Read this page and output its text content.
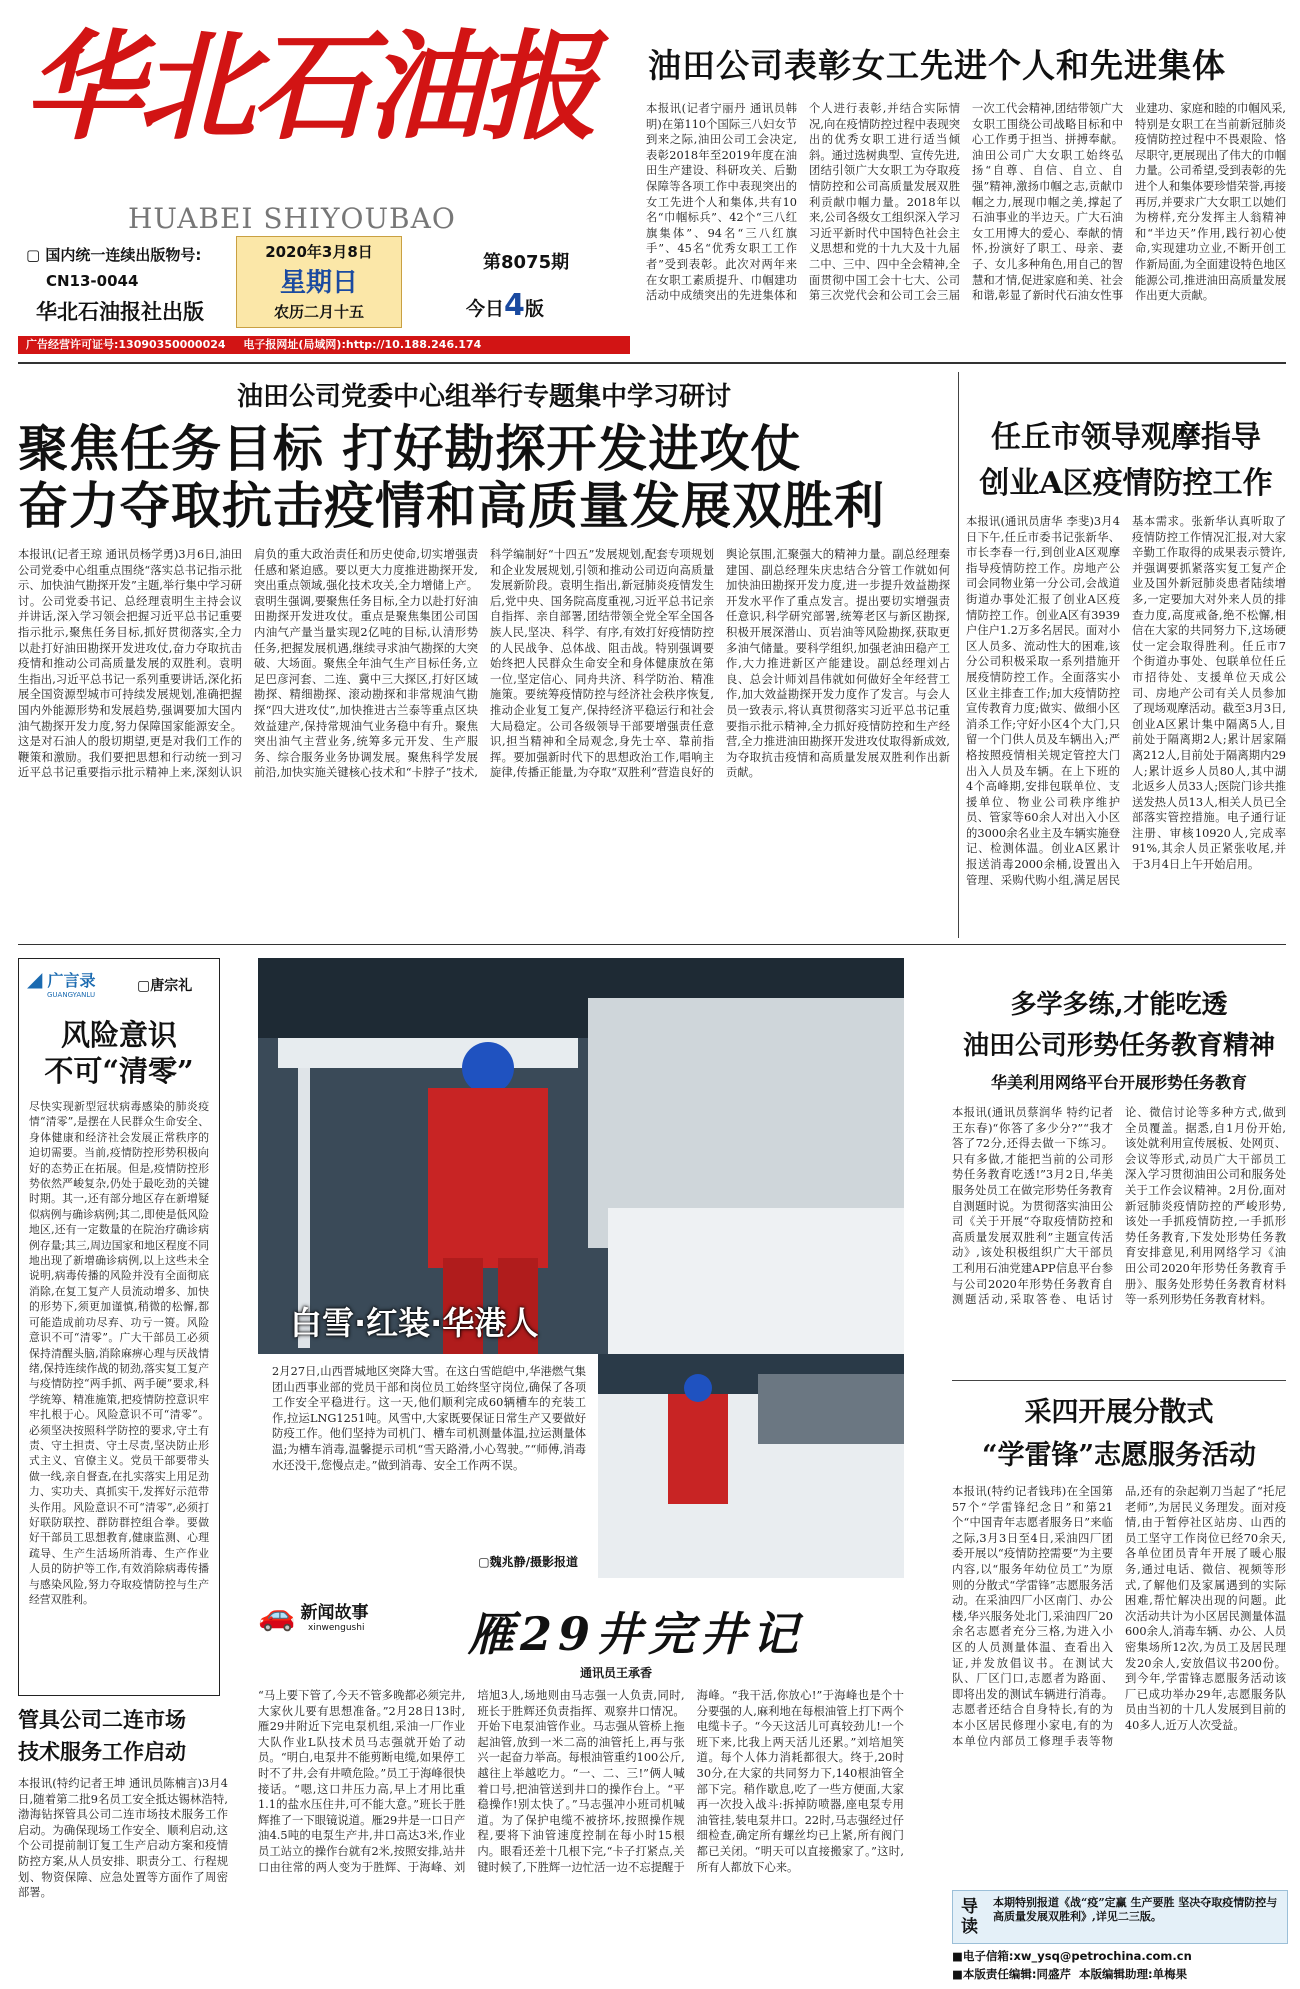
华北石油报
HUABEI SHIYOUBAO
▢ 国内统一连续出版物号:
CN13-0044
华北石油报社出版
2020年3月8日
星期日
农历二月十五
第8075期
今日4版
广告经营许可证号:13090350000024 电子报网址(局域网):http://10.188.246.174
油田公司表彰女工先进个人和先进集体
本报讯(记者宁丽丹 通讯员韩明)在第110个国际三八妇女节到来之际,油田公司工会决定,表彰2018年至2019年度在油田生产建设、科研攻关、后勤保障等各项工作中表现突出的女工先进个人和集体,共有10名“巾帼标兵”、42个“三八红旗集体”、94名“三八红旗手”、45名“优秀女职工工作者”受到表彰。此次对两年来在女职工素质提升、巾帼建功活动中成绩突出的先进集体和个人进行表彰,并结合实际情况,向在疫情防控过程中表现突出的优秀女职工进行适当倾斜。通过选树典型、宣传先进,团结引领广大女职工为夺取疫情防控和公司高质量发展双胜利贡献巾帼力量。2018年以来,公司各级女工组织深入学习习近平新时代中国特色社会主义思想和党的十九大及十九届二中、三中、四中全会精神,全面贯彻中国工会十七大、公司第三次党代会和公司工会三届一次工代会精神,团结带领广大女职工围绕公司战略目标和中心工作勇于担当、拼搏奉献。油田公司广大女职工始终弘扬“自尊、自信、自立、自强”精神,激扬巾帼之志,贡献巾帼之力,展现巾帼之美,撑起了石油事业的半边天。广大石油女工用博大的爱心、奉献的情怀,扮演好了职工、母亲、妻子、女儿多种角色,用自己的智慧和才情,促进家庭和美、社会和谐,彰显了新时代石油女性事业建功、家庭和睦的巾帼风采,特别是女职工在当前新冠肺炎疫情防控过程中不畏艰险、恪尽职守,更展现出了伟大的巾帼力量。公司希望,受到表彰的先进个人和集体要珍惜荣誉,再接再厉,并要求广大女职工以她们为榜样,充分发挥主人翁精神和“半边天”作用,践行初心使命,实现建功立业,不断开创工作新局面,为全面建设特色地区能源公司,推进油田高质量发展作出更大贡献。
油田公司党委中心组举行专题集中学习研讨
聚焦任务目标 打好勘探开发进攻仗
奋力夺取抗击疫情和高质量发展双胜利
本报讯(记者王琼 通讯员杨学勇)3月6日,油田公司党委中心组重点围绕“落实总书记指示批示、加快油气勘探开发”主题,举行集中学习研讨。公司党委书记、总经理袁明生主持会议并讲话,深入学习领会把握习近平总书记重要指示批示,聚焦任务目标,抓好贯彻落实,全力以赴打好油田勘探开发进攻仗,奋力夺取抗击疫情和推动公司高质量发展的双胜利。袁明生指出,习近平总书记一系列重要讲话,深化拓展全国资源型城市可持续发展规划,准确把握国内外能源形势和发展趋势,强调要加大国内油气勘探开发力度,努力保障国家能源安全。这是对石油人的殷切期望,更是对我们工作的鞭策和激励。我们要把思想和行动统一到习近平总书记重要指示批示精神上来,深刻认识肩负的重大政治责任和历史使命,切实增强责任感和紧迫感。要以更大力度推进勘探开发,突出重点领域,强化技术攻关,全力增储上产。袁明生强调,要聚焦任务目标,全力以赴打好油田勘探开发进攻仗。重点是聚焦集团公司国内油气产量当量实现2亿吨的目标,认清形势任务,把握发展机遇,继续寻求油气勘探的大突破、大场面。聚焦全年油气生产目标任务,立足巴彦河套、二连、冀中三大探区,打好区域勘探、精细勘探、滚动勘探和非常规油气勘探“四大进攻仗”,加快推进古兰泰等重点区块效益建产,保持常规油气业务稳中有升。聚焦突出油气主营业务,统筹多元开发、生产服务、综合服务业务协调发展。聚焦科学发展前沿,加快实施关键核心技术和“卡脖子”技术,科学编制好“十四五”发展规划,配套专项规划和企业发展规划,引领和推动公司迈向高质量发展新阶段。袁明生指出,新冠肺炎疫情发生后,党中央、国务院高度重视,习近平总书记亲自指挥、亲自部署,团结带领全党全军全国各族人民,坚决、科学、有序,有效打好疫情防控的人民战争、总体战、阻击战。特别强调要始终把人民群众生命安全和身体健康放在第一位,坚定信心、同舟共济、科学防治、精准施策。要统筹疫情防控与经济社会秩序恢复,推动企业复工复产,保持经济平稳运行和社会大局稳定。公司各级领导干部要增强责任意识,担当精神和全局观念,身先士卒、靠前指挥。要加强新时代下的思想政治工作,唱响主旋律,传播正能量,为夺取“双胜利”营造良好的舆论氛围,汇聚强大的精神力量。副总经理秦建国、副总经理朱庆忠结合分管工作就如何加快油田勘探开发力度,进一步提升效益勘探开发水平作了重点发言。提出要切实增强责任意识,科学研究部署,统筹老区与新区勘探,积极开展深潜山、页岩油等风险勘探,获取更多油气储量。要科学组织,加强老油田稳产工作,大力推进新区产能建设。副总经理刘占良、总会计师刘昌伟就如何做好全年经营工作,加大效益勘探开发力度作了发言。与会人员一致表示,将认真贯彻落实习近平总书记重要指示批示精神,全力抓好疫情防控和生产经营,全力推进油田勘探开发进攻仗取得新成效,为夺取抗击疫情和高质量发展双胜利作出新贡献。
任丘市领导观摩指导
创业A区疫情防控工作
本报讯(通讯员唐华 李斐)3月4日下午,任丘市委书记张新华、市长李春一行,到创业A区观摩指导疫情防控工作。房地产公司会同物业第一分公司,会战道街道办事处汇报了创业A区疫情防控工作。创业A区有3939户住户1.2万多名居民。面对小区人员多、流动性大的困难,该分公司积极采取一系列措施开展疫情防控工作。全面落实小区业主排查工作;加大疫情防控宣传教育力度;做实、做细小区消杀工作;守好小区4个大门,只留一个门供人员及车辆出入;严格按照疫情相关规定管控大门出入人员及车辆。在上下班的4个高峰期,安排包联单位、支援单位、物业公司秩序维护员、管家等60余人对出入小区的3000余名业主及车辆实施登记、检测体温。创业A区累计报送消毒2000余桶,设置出入管理、采购代购小组,满足居民基本需求。张新华认真听取了疫情防控工作情况汇报,对大家辛勤工作取得的成果表示赞许,并强调要抓紧落实复工复产企业及国外新冠肺炎患者陆续增多,一定要加大对外来人员的排查力度,高度戒备,绝不松懈,相信在大家的共同努力下,这场硬仗一定会取得胜利。任丘市7个街道办事处、包联单位任丘市招待处、支援单位天成公司、房地产公司有关人员参加了现场观摩活动。截至3月3日,创业A区累计集中隔离5人,目前处于隔离期2人;累计居家隔离212人,目前处于隔离期内29人;累计返乡人员80人,其中湖北返乡人员33人;医院门诊共推送发热人员13人,相关人员已全部落实管控措施。电子通行证注册、审核10920人,完成率91%,其余人员正紧张收尾,并于3月4日上午开始启用。
◢ 广言录
GUANGYANLU
▢唐宗礼
风险意识
不可“清零”
尽快实现新型冠状病毒感染的肺炎疫情“清零”,是摆在人民群众生命安全、身体健康和经济社会发展正常秩序的迫切需要。当前,疫情防控形势积极向好的态势正在拓展。但是,疫情防控形势依然严峻复杂,仍处于最吃劲的关键时期。其一,还有部分地区存在新增疑似病例与确诊病例;其二,即使是低风险地区,还有一定数量的在院治疗确诊病例存量;其三,周边国家和地区程度不同地出现了新增确诊病例,以上这些未全说明,病毒传播的风险并没有全面彻底消除,在复工复产人员流动增多、加快的形势下,须更加谨慎,稍微的松懈,都可能造成前功尽弃、功亏一篑。风险意识不可“清零”。广大干部员工必须保持清醒头脑,消除麻痹心理与厌战情绪,保持连续作战的韧劲,落实复工复产与疫情防控“两手抓、两手硬”要求,科学统筹、精准施策,把疫情防控意识牢牢扎根于心。风险意识不可“清零”。必须坚决按照科学防控的要求,守土有责、守土担责、守土尽责,坚决防止形式主义、官僚主义。党员干部要带头做一线,亲自督查,在扎实落实上用足劲力、实功夫、真抓实干,发挥好示范带头作用。风险意识不可“清零”,必须打好联防联控、群防群控组合拳。要做好干部员工思想教育,健康监测、心理疏导、生产生活场所消毒、生产作业人员的防护等工作,有效消除病毒传播与感染风险,努力夺取疫情防控与生产经营双胜利。
白雪·红装·华港人
2月27日,山西晋城地区突降大雪。在这白雪皑皑中,华港燃气集团山西事业部的党员干部和岗位员工始终坚守岗位,确保了各项工作安全平稳进行。这一天,他们顺利完成60辆槽车的充装工作,拉运LNG1251吨。风雪中,大家既要保证日常生产又要做好防疫工作。他们坚持为司机门、槽车司机测量体温,拉运测量体温;为槽车消毒,温馨提示司机“雪天路滑,小心驾驶。”“师傅,消毒水还没干,您慢点走。”做到消毒、安全工作两不误。
▢魏兆静/摄影报道
多学多练,才能吃透
油田公司形势任务教育精神
华美利用网络平台开展形势任务教育
本报讯(通讯员蔡润华 特约记者王东春)“你答了多少分?”“我才答了72分,还得去做一下练习。只有多做,才能把当前的公司形势任务教育吃透!”3月2日,华美服务处员工在做完形势任务教育自测题时说。为贯彻落实油田公司《关于开展“夺取疫情防控和高质量发展双胜利”主题宣传活动》,该处积极组织广大干部员工利用石油党建APP信息平台参与公司2020年形势任务教育自测题活动,采取答卷、电话讨论、微信讨论等多种方式,做到全员覆盖。据悉,自1月份开始,该处就利用宣传展板、处网页、会议等形式,动员广大干部员工深入学习贯彻油田公司和服务处关于工作会议精神。2月份,面对新冠肺炎疫情防控的严峻形势,该处一手抓疫情防控,一手抓形势任务教育,下发处形势任务教育安排意见,利用网络学习《油田公司2020年形势任务教育手册》、服务处形势任务教育材料等一系列形势任务教育材料。
采四开展分散式
“学雷锋”志愿服务活动
本报讯(特约记者钱玮)在全国第57个“学雷锋纪念日”和第21个“中国青年志愿者服务日”来临之际,3月3日至4日,采油四厂团委开展以“疫情防控需要”为主要内容,以“服务年幼位员工”为原则的分散式“学雷锋”志愿服务活动。在采油四厂小区南门、办公楼,华兴服务处北门,采油四厂20余名志愿者充分三格,为进入小区的人员测量体温、查看出入证,并发放倡议书。在测试大队、厂区门口,志愿者为路面、即将出发的测试车辆进行消毒。志愿者还结合自身特长,有的为本小区居民修理小家电,有的为本单位内部员工修理手表等物品,还有的杂起剃刀当起了“托尼老师”,为居民义务理发。面对疫情,由于暂停社区站房、山西的员工坚守工作岗位已经70余天,各单位团员青年开展了暖心服务,通过电话、微信、视频等形式,了解他们及家属遇到的实际困难,帮忙解决出现的问题。此次活动共计为小区居民测量体温600余人,消毒车辆、办公、人员密集场所12次,为员工及居民理发20余人,安放倡议书200份。到今年,学雷锋志愿服务活动该厂已成功举办29年,志愿服务队员由当初的十几人发展到目前的40多人,近万人次受益。
🚗 新闻故事
xinwengushi	雁29井完井记
通讯员王承香
“马上要下管了,今天不管多晚都必须完井,大家伙儿要有思想准备。”2月28日13时,雁29井附近下完电泵机组,采油一厂作业大队作业L队技术员马志强就开始了动员。“明白,电泵井不能剪断电缆,如果停工时不了井,会有井喷危险。”员工于海峰很快接话。“嗯,这口井压力高,早上才用比重1.1的盐水压住井,可不能大意。”班长于胜辉推了一下眼镜说道。雁29井是一口日产油4.5吨的电泵生产井,井口高达3米,作业员工站立的操作台就有2米,按照安排,站井口由往常的两人变为于胜辉、于海峰、刘培旭3人,场地则由马志强一人负责,同时,班长于胜辉还负责指挥、观察井口情况。开始下电泵油管作业。马志强从管桥上拖起油管,放到一米二高的油管托上,再与张兴一起奋力举高。每根油管重约100公斤,越往上举越吃力。“一、二、三!”俩人喊着口号,把油管送到井口的操作台上。“平稳操作!别太快了。”马志强冲小班司机喊道。为了保护电缆不被挤坏,按照操作规程,要将下油管速度控制在每小时15根内。眼看还差十几根下完,“卡子打紧点,关键时候了,下胜辉一边忙活一边不忘提醒于海峰。“我干活,你放心!”于海峰也是个十分要强的人,麻利地在每根油管上打下两个电缆卡子。“今天这活儿可真较劲儿!一个班下来,比我上两天活儿还累。”刘培旭笑道。每个人体力消耗都很大。终于,20时30分,在大家的共同努力下,140根油管全部下完。稍作歇息,吃了一些方便面,大家再一次投入战斗:拆掉防喷器,座电泵专用油管挂,装电泵井口。22时,马志强经过仔细检查,确定所有螺丝均已上紧,所有阀门都已关闭。“明天可以直接搬家了。”这时,所有人都放下心来。
管具公司二连市场
技术服务工作启动
本报讯(特约记者王坤 通讯员陈楠言)3月4日,随着第二批9名员工安全抵达锡林浩特,渤海钻探管具公司二连市场技术服务工作启动。为确保现场工作安全、顺利启动,这个公司提前制订复工生产启动方案和疫情防控方案,从人员安排、职责分工、行程规划、物资保障、应急处置等方面作了周密部署。
导读
本期特别报道《战“疫”定赢 生产要胜 坚决夺取疫情防控与高质量发展双胜利》,详见二三版。
■电子信箱:xw_ysq@petrochina.com.cn
■本版责任编辑:同盛芹 本版编辑助理:单梅果
